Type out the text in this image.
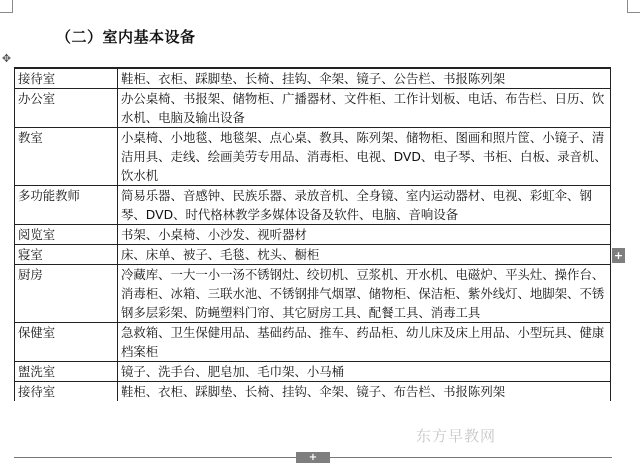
（二）室内基本设备
✥
接待室	鞋柜、衣柜、踩脚垫、长椅、挂钩、伞架、镜子、公告栏、书报陈列架
办公室	办公桌椅、书报架、储物柜、广播器材、文件柜、工作计划板、电话、布告栏、日历、饮水机、电脑及输出设备
教室	小桌椅、小地毯、地毯架、点心桌、教具、陈列架、储物柜、图画和照片筐、小镜子、清洁用具、走线、绘画美劳专用品、消毒柜、电视、DVD、电子琴、书柜、白板、录音机、饮水机
多功能教师	简易乐器、音感钟、民族乐器、录放音机、全身镜、室内运动器材、电视、彩虹伞、钢琴、DVD、时代格林教学多媒体设备及软件、电脑、音响设备
阅览室	书架、小桌椅、小沙发、视听器材
寝室	床、床单、被子、毛毯、枕头、橱柜
厨房	冷藏库、一大一小一汤不锈钢灶、绞切机、豆浆机、开水机、电磁炉、平头灶、操作台、消毒柜、冰箱、三联水池、不锈钢排气烟罩、储物柜、保洁柜、紫外线灯、地脚架、不锈钢多层彩架、防蝇塑料门帘、其它厨房工具、配餐工具、消毒工具
保健室	急救箱、卫生保健用品、基础药品、推车、药品柜、幼儿床及床上用品、小型玩具、健康档案柜
盥洗室	镜子、洗手台、肥皂加、毛巾架、小马桶
接待室	鞋柜、衣柜、踩脚垫、长椅、挂钩、伞架、镜子、布告栏、书报陈列架
+
+
东方早教网
